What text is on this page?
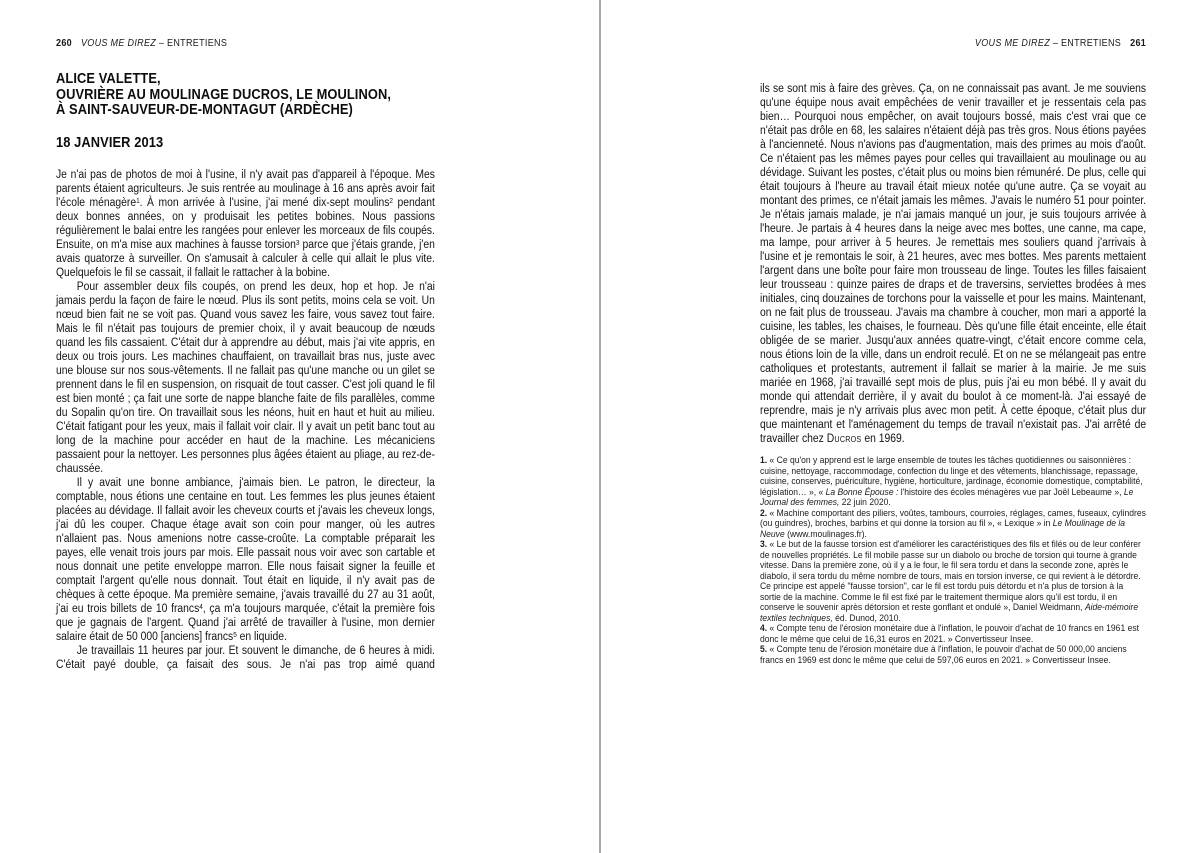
260 VOUS ME DIREZ – ENTRETIENS
ALICE VALETTE,
OUVRIÈRE AU MOULINAGE DUCROS, LE MOULINON,
À SAINT-SAUVEUR-DE-MONTAGUT (ARDÈCHE)
18 JANVIER 2013

Je n'ai pas de photos de moi à l'usine, il n'y avait pas d'appareil à l'époque. Mes parents étaient agriculteurs. Je suis rentrée au moulinage à 16 ans après avoir fait l'école ménagère$^1$. À mon arrivée à l'usine, j'ai mené dix-sept moulins$^2$ pendant deux bonnes années, on y produisait les petites bobines. Nous passions régulièrement le balai entre les rangées pour enlever les morceaux de fils coupés. Ensuite, on m'a mise aux machines à fausse torsion$^3$ parce que j'étais grande, j'en avais quatorze à surveiller. On s'amusait à calculer à celle qui allait le plus vite. Quelquefois le fil se cassait, il fallait le rattacher à la bobine.

Pour assembler deux fils coupés, on prend les deux, hop et hop. Je n'ai jamais perdu la façon de faire le nœud. Plus ils sont petits, moins cela se voit. Un nœud bien fait ne se voit pas. Quand vous savez les faire, vous savez tout faire. Mais le fil n'était pas toujours de premier choix, il y avait beaucoup de nœuds quand les fils cassaient. C'était dur à apprendre au début, mais j'ai vite appris, en deux ou trois jours. Les machines chauffaient, on travaillait bras nus, juste avec une blouse sur nos sous-vêtements. Il ne fallait pas qu'une manche ou un gilet se prennent dans le fil en suspension, on risquait de tout casser. C'est joli quand le fil est bien monté ; ça fait une sorte de nappe blanche faite de fils parallèles, comme du Sopalin qu'on tire. On travaillait sous les néons, huit en haut et huit au milieu. C'était fatigant pour les yeux, mais il fallait voir clair. Il y avait un petit banc tout au long de la machine pour accéder en haut de la machine. Les mécaniciens passaient pour la nettoyer. Les personnes plus âgées étaient au pliage, au rez-de-chaussée.

Il y avait une bonne ambiance, j'aimais bien. Le patron, le directeur, la comptable, nous étions une centaine en tout. Les femmes les plus jeunes étaient placées au dévidage. Il fallait avoir les cheveux courts et j'avais les cheveux longs, j'ai dû les couper. Chaque étage avait son coin pour manger, où les autres n'allaient pas. Nous amenions notre casse-croûte. La comptable préparait les payes, elle venait trois jours par mois. Elle passait nous voir avec son cartable et nous donnait une petite enveloppe marron. Elle nous faisait signer la feuille et comptait l'argent qu'elle nous donnait. Tout était en liquide, il n'y avait pas de chèques à cette époque. Ma première semaine, j'avais travaillé du 27 au 31 août, j'ai eu trois billets de 10 francs$^4$, ça m'a toujours marquée, c'était la première fois que je gagnais de l'argent. Quand j'ai arrêté de travailler à l'usine, mon dernier salaire était de 50 000 [anciens] francs$^5$ en liquide.

Je travaillais 11 heures par jour. Et souvent le dimanche, de 6 heures à midi. C'était payé double, ça faisait des sous. Je n'ai pas trop aimé quand

VOUS ME DIREZ – ENTRETIENS 261

ils se sont mis à faire des grèves. Ça, on ne connaissait pas avant. Je me souviens qu'une équipe nous avait empêchées de venir travailler et je ressentais cela pas bien… Pourquoi nous empêcher, on avait toujours bossé, mais c'est vrai que ce n'était pas drôle en 68, les salaires n'étaient déjà pas très gros. Nous étions payées à l'ancienneté. Nous n'avions pas d'augmentation, mais des primes au mois d'août. Ce n'étaient pas les mêmes payes pour celles qui travaillaient au moulinage ou au dévidage. Suivant les postes, c'était plus ou moins bien rémunéré. De plus, celle qui était toujours à l'heure au travail était mieux notée qu'une autre. Ça se voyait au montant des primes, ce n'était jamais les mêmes. J'avais le numéro 51 pour pointer. Je n'étais jamais malade, je n'ai jamais manqué un jour, je suis toujours arrivée à l'heure. Je partais à 4 heures dans la neige avec mes bottes, une canne, ma cape, ma lampe, pour arriver à 5 heures. Je remettais mes souliers quand j'arrivais à l'usine et je remontais le soir, à 21 heures, avec mes bottes. Mes parents mettaient l'argent dans une boîte pour faire mon trousseau de linge. Toutes les filles faisaient leur trousseau : quinze paires de draps et de traversins, serviettes brodées à mes initiales, cinq douzaines de torchons pour la vaisselle et pour les mains. Maintenant, on ne fait plus de trousseau. J'avais ma chambre à coucher, mon mari a apporté la cuisine, les tables, les chaises, le fourneau. Dès qu'une fille était enceinte, elle était obligée de se marier. Jusqu'aux années quatre-vingt, c'était encore comme cela, nous étions loin de la ville, dans un endroit reculé. Et on ne se mélangeait pas entre catholiques et protestants, autrement il fallait se marier à la mairie. Je me suis mariée en 1968, j'ai travaillé sept mois de plus, puis j'ai eu mon bébé. Il y avait du monde qui attendait derrière, il y avait du boulot à ce moment-là. J'ai essayé de reprendre, mais je n'y arrivais plus avec mon petit. À cette époque, c'était plus dur que maintenant et l'aménagement du temps de travail n'existait pas. J'ai arrêté de travailler chez Ducros en 1969.

1. « Ce qu'on y apprend est le large ensemble de toutes les tâches quotidiennes ou saisonnières : cuisine, nettoyage, raccommodage, confection du linge et des vêtements, blanchissage, repassage, cuisine, conserves, puériculture, hygiène, horticulture, jardinage, économie domestique, comptabilité, législation… », « La Bonne Épouse : l'histoire des écoles ménagères vue par Joël Lebeaume », Le Journal des femmes, 22 juin 2020.

2. « Machine comportant des piliers, voûtes, tambours, courroies, réglages, cames, fuseaux, cylindres (ou guindres), broches, barbins et qui donne la torsion au fil », « Lexique » in Le Moulinage de la Neuve (www.moulinages.fr).

3. « Le but de la fausse torsion est d'améliorer les caractéristiques des fils et filés ou de leur conférer de nouvelles propriétés. Le fil mobile passe sur un diabolo ou broche de torsion qui tourne à grande vitesse. Dans la première zone, où il y a le four, le fil sera tordu et dans la seconde zone, après le diabolo, il sera tordu du même nombre de tours, mais en torsion inverse, ce qui revient à le détordre. Ce principe est appelé "fausse torsion", car le fil est tordu puis détordu et n'a plus de torsion à la sortie de la machine. Comme le fil est fixé par le traitement thermique alors qu'il est tordu, il en conserve le souvenir après détorsion et reste gonflant et ondulé », Daniel Weidmann, Aide-mémoire textiles techniques, éd. Dunod, 2010.

4. « Compte tenu de l'érosion monétaire due à l'inflation, le pouvoir d'achat de 10 francs en 1961 est donc le même que celui de 16,31 euros en 2021. » Convertisseur Insee.

5. « Compte tenu de l'érosion monétaire due à l'inflation, le pouvoir d'achat de 50 000,00 anciens francs en 1969 est donc le même que celui de 597,06 euros en 2021. » Convertisseur Insee.
